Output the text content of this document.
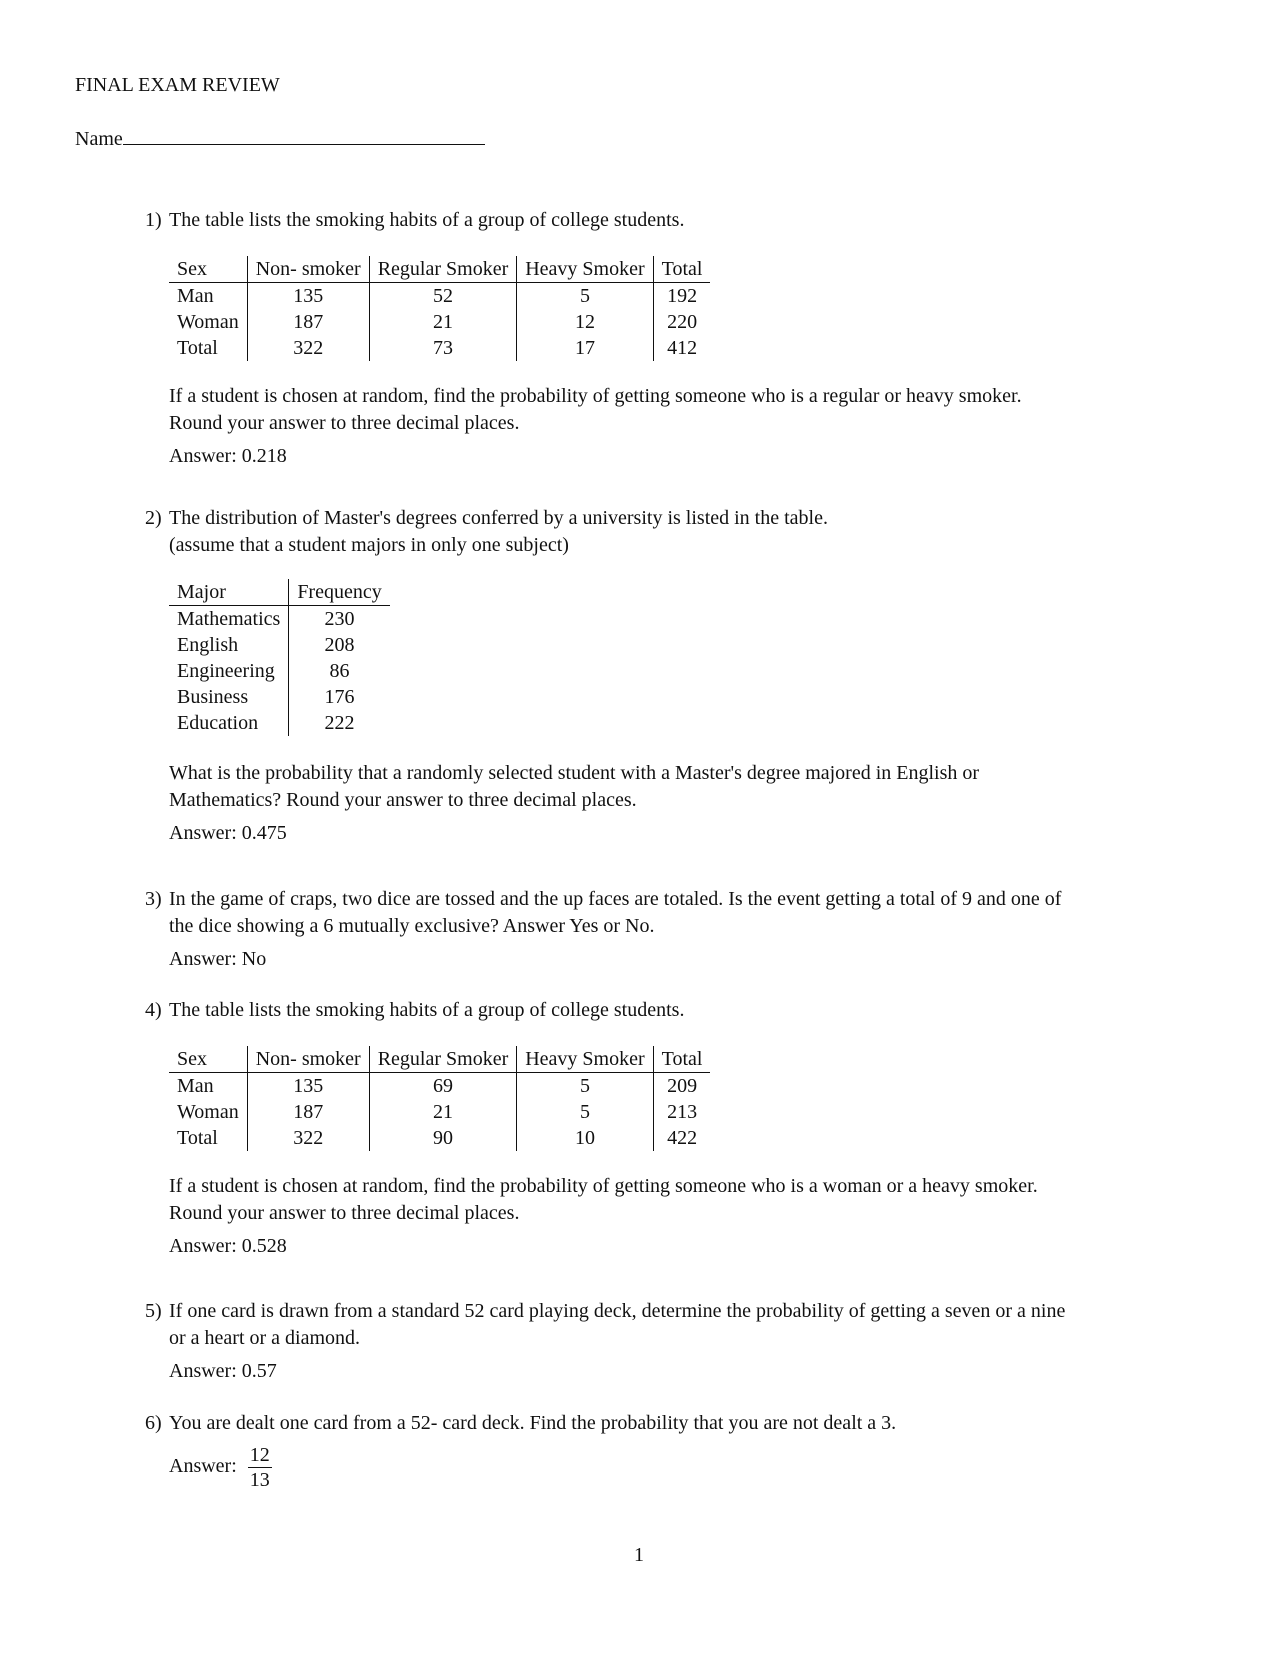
FINAL EXAM REVIEW
Name
1) The table lists the smoking habits of a group of college students.
Sex	Non- smoker	Regular Smoker	Heavy Smoker	Total
Man	135	52	5	192
Woman	187	21	12	220
Total	322	73	17	412
If a student is chosen at random, find the probability of getting someone who is a regular or heavy smoker.
Round your answer to three decimal places.
Answer: 0.218
2) The distribution of Master's degrees conferred by a university is listed in the table.
(assume that a student majors in only one subject)
Major	Frequency
Mathematics	230
English	208
Engineering	86
Business	176
Education	222
What is the probability that a randomly selected student with a Master's degree majored in English or
Mathematics? Round your answer to three decimal places.
Answer: 0.475
3) In the game of craps, two dice are tossed and the up faces are totaled. Is the event getting a total of 9 and one of
the dice showing a 6 mutually exclusive? Answer Yes or No.
Answer: No
4) The table lists the smoking habits of a group of college students.
Sex	Non- smoker	Regular Smoker	Heavy Smoker	Total
Man	135	69	5	209
Woman	187	21	5	213
Total	322	90	10	422
If a student is chosen at random, find the probability of getting someone who is a woman or a heavy smoker.
Round your answer to three decimal places.
Answer: 0.528
5) If one card is drawn from a standard 52 card playing deck, determine the probability of getting a seven or a nine
or a heart or a diamond.
Answer: 0.57
6) You are dealt one card from a 52- card deck. Find the probability that you are not dealt a 3.
Answer: $\frac{12}{13}$
1
